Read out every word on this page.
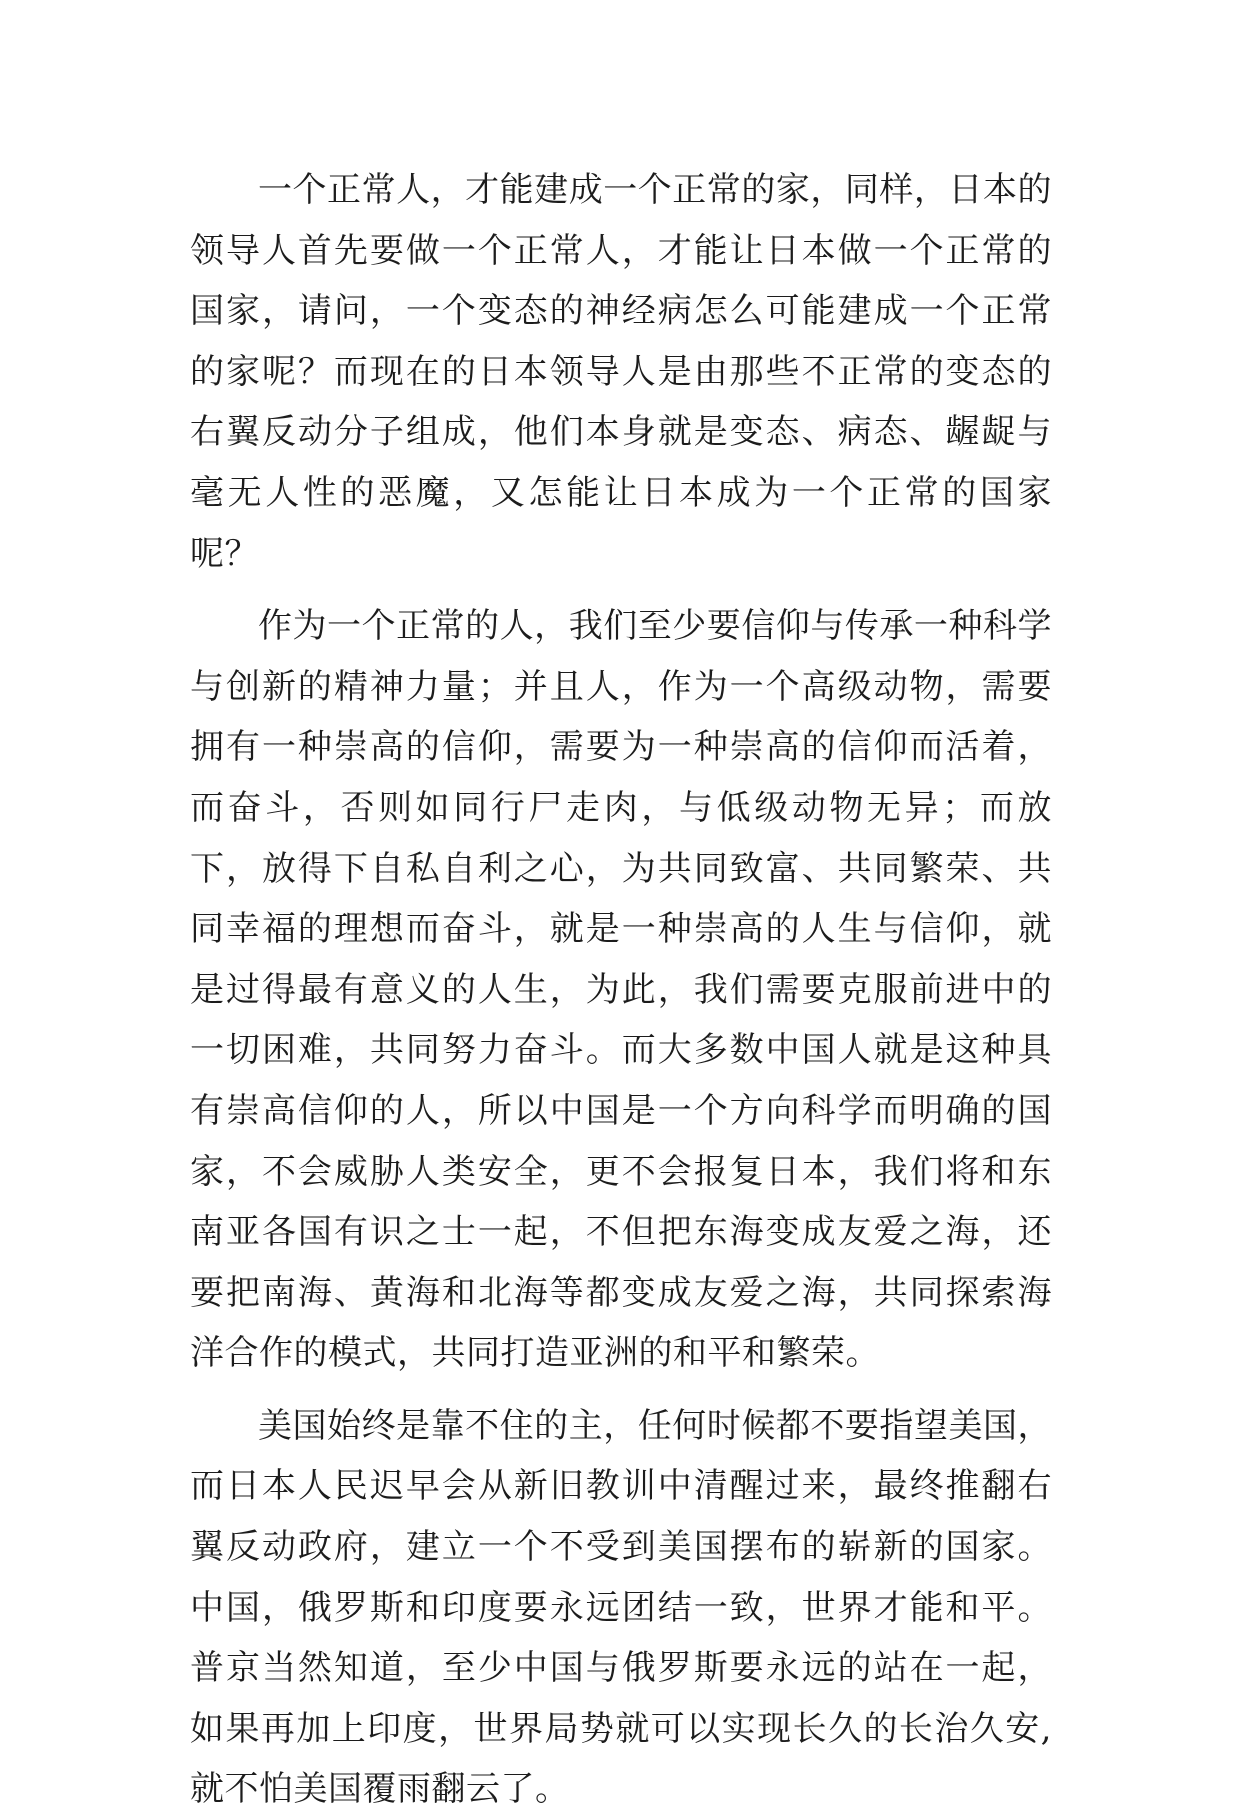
一个正常人，才能建成一个正常的家，同样，日本的领导人首先要做一个正常人，才能让日本做一个正常的国家，请问，一个变态的神经病怎么可能建成一个正常的家呢？而现在的日本领导人是由那些不正常的变态的右翼反动分子组成，他们本身就是变态、病态、龌龊与毫无人性的恶魔，又怎能让日本成为一个正常的国家呢？

作为一个正常的人，我们至少要信仰与传承一种科学与创新的精神力量；并且人，作为一个高级动物，需要拥有一种崇高的信仰，需要为一种崇高的信仰而活着，而奋斗，否则如同行尸走肉，与低级动物无异；而放下，放得下自私自利之心，为共同致富、共同繁荣、共同幸福的理想而奋斗，就是一种崇高的人生与信仰，就是过得最有意义的人生，为此，我们需要克服前进中的一切困难，共同努力奋斗。而大多数中国人就是这种具有崇高信仰的人，所以中国是一个方向科学而明确的国家，不会威胁人类安全，更不会报复日本，我们将和东南亚各国有识之士一起，不但把东海变成友爱之海，还要把南海、黄海和北海等都变成友爱之海，共同探索海洋合作的模式，共同打造亚洲的和平和繁荣。

美国始终是靠不住的主，任何时候都不要指望美国，而日本人民迟早会从新旧教训中清醒过来，最终推翻右翼反动政府，建立一个不受到美国摆布的崭新的国家。中国，俄罗斯和印度要永远团结一致，世界才能和平。普京当然知道，至少中国与俄罗斯要永远的站在一起，如果再加上印度，世界局势就可以实现长久的长治久安,就不怕美国覆雨翻云了。
